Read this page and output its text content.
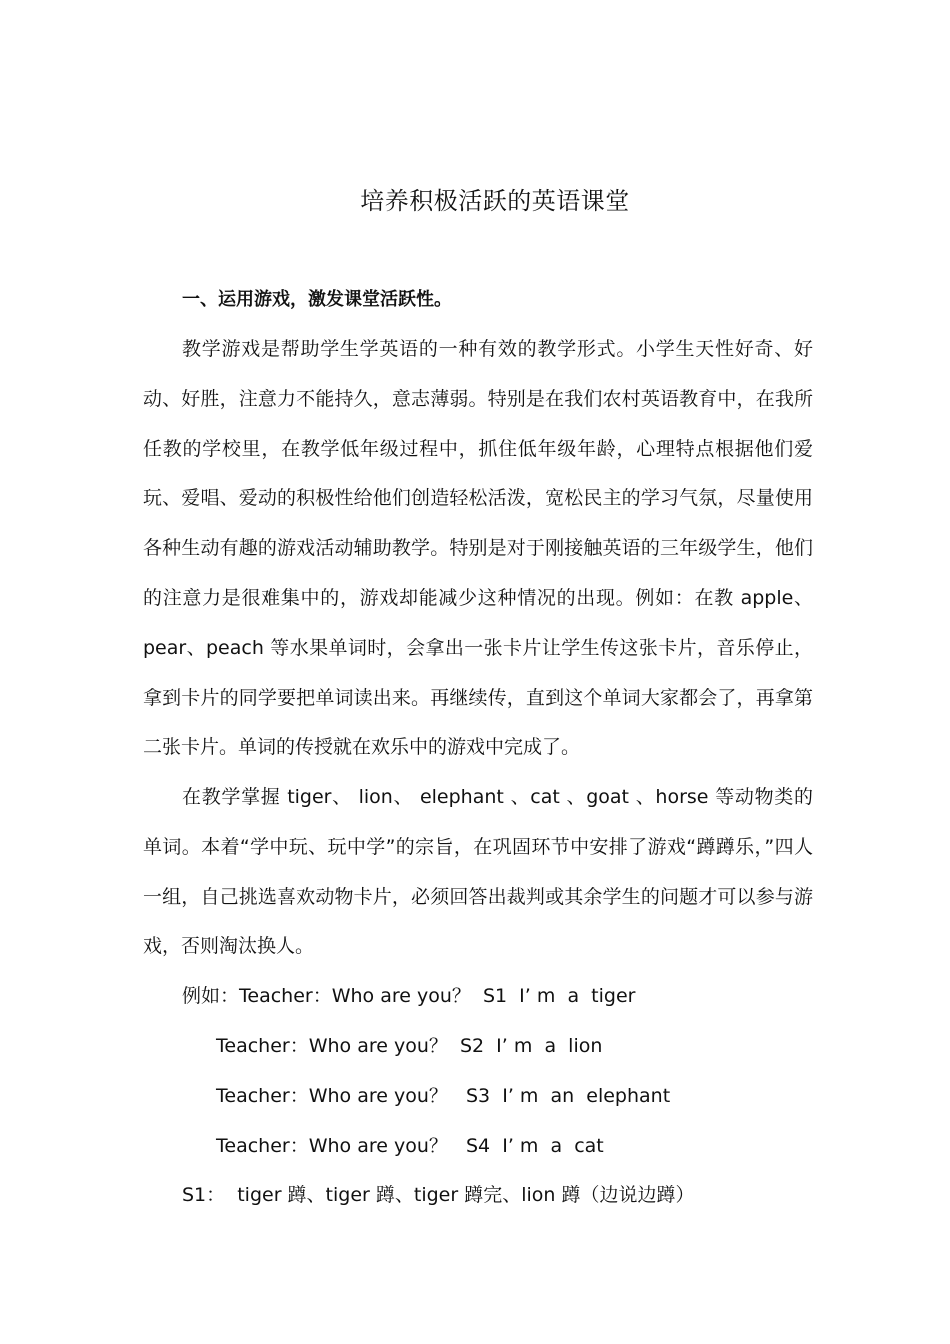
培养积极活跃的英语课堂
一、运用游戏，激发课堂活跃性。

教学游戏是帮助学生学英语的一种有效的教学形式。小学生天性好奇、好动、好胜，注意力不能持久，意志薄弱。特别是在我们农村英语教育中，在我所任教的学校里，在教学低年级过程中，抓住低年级年龄，心理特点根据他们爱玩、爱唱、爱动的积极性给他们创造轻松活泼，宽松民主的学习气氛，尽量使用各种生动有趣的游戏活动辅助教学。特别是对于刚接触英语的三年级学生，他们的注意力是很难集中的，游戏却能减少这种情况的出现。例如：在教 apple、 pear、peach 等水果单词时，会拿出一张卡片让学生传这张卡片，音乐停止，拿到卡片的同学要把单词读出来。再继续传，直到这个单词大家都会了，再拿第二张卡片。单词的传授就在欢乐中的游戏中完成了。

在教学掌握 tiger、 lion、 elephant 、cat 、goat 、horse 等动物类的单词。本着“学中玩、玩中学”的宗旨，在巩固环节中安排了游戏“蹲蹲乐，”四人一组，自己挑选喜欢动物卡片，必须回答出裁判或其余学生的问题才可以参与游戏，否则淘汰换人。

例如：Teacher：Who are you？  S1  I’ m  a  tiger
Teacher：Who are you？  S2  I’ m  a  lion
Teacher：Who are you？   S3  I’ m  an  elephant
Teacher：Who are you？   S4  I’ m  a  cat
S1：  tiger 蹲、tiger 蹲、tiger 蹲完、lion 蹲（边说边蹲）
